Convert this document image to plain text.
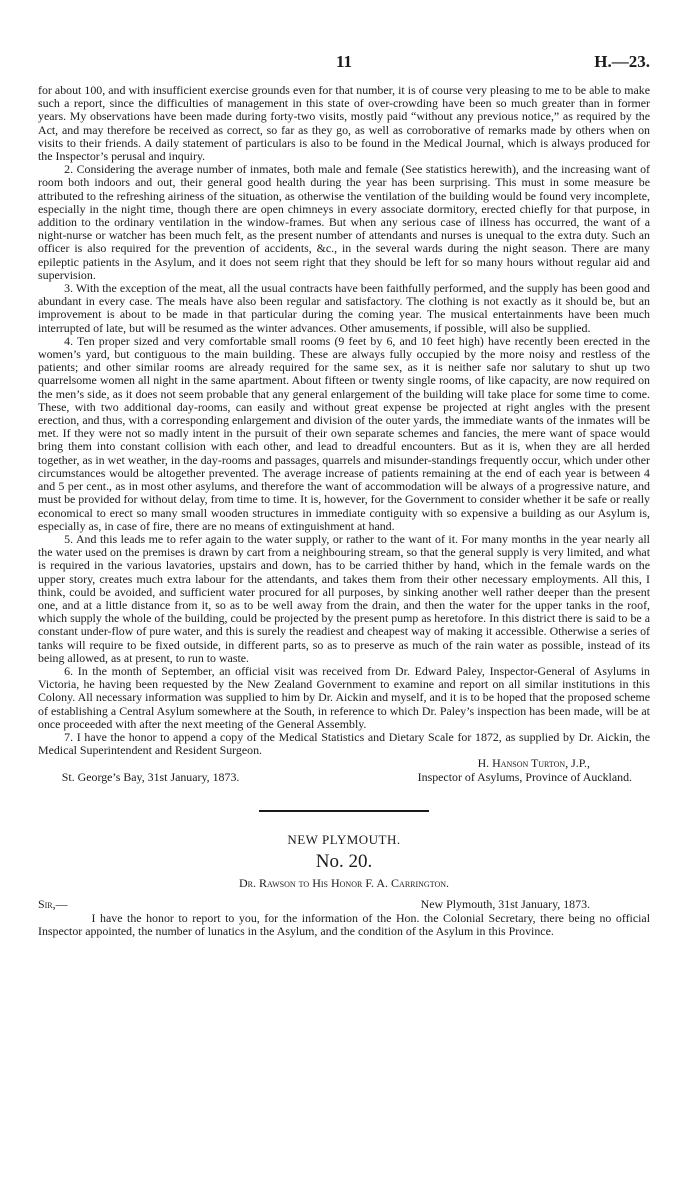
11	H.—23.

for about 100, and with insufficient exercise grounds even for that number, it is of course very pleasing to me to be able to make such a report, since the difficulties of management in this state of over-crowding have been so much greater than in former years. My observations have been made during forty-two visits, mostly paid “without any previous notice,” as required by the Act, and may therefore be received as correct, so far as they go, as well as corroborative of remarks made by others when on visits to their friends. A daily statement of particulars is also to be found in the Medical Journal, which is always produced for the Inspector’s perusal and inquiry.

2. Considering the average number of inmates, both male and female (See statistics herewith), and the increasing want of room both indoors and out, their general good health during the year has been surprising. This must in some measure be attributed to the refreshing airiness of the situation, as otherwise the ventilation of the building would be found very incomplete, especially in the night time, though there are open chimneys in every associate dormitory, erected chiefly for that purpose, in addition to the ordinary ventilation in the window-frames. But when any serious case of illness has occurred, the want of a night-nurse or watcher has been much felt, as the present number of attendants and nurses is unequal to the extra duty. Such an officer is also required for the prevention of accidents, &c., in the several wards during the night season. There are many epileptic patients in the Asylum, and it does not seem right that they should be left for so many hours without regular aid and supervision.

3. With the exception of the meat, all the usual contracts have been faithfully performed, and the supply has been good and abundant in every case. The meals have also been regular and satisfactory. The clothing is not exactly as it should be, but an improvement is about to be made in that particular during the coming year. The musical entertainments have been much interrupted of late, but will be resumed as the winter advances. Other amusements, if possible, will also be supplied.

4. Ten proper sized and very comfortable small rooms (9 feet by 6, and 10 feet high) have recently been erected in the women’s yard, but contiguous to the main building. These are always fully occupied by the more noisy and restless of the patients; and other similar rooms are already required for the same sex, as it is neither safe nor salutary to shut up two quarrelsome women all night in the same apartment. About fifteen or twenty single rooms, of like capacity, are now required on the men’s side, as it does not seem probable that any general enlargement of the building will take place for some time to come. These, with two additional day-rooms, can easily and without great expense be projected at right angles with the present erection, and thus, with a corresponding enlargement and division of the outer yards, the immediate wants of the inmates will be met. If they were not so madly intent in the pursuit of their own separate schemes and fancies, the mere want of space would bring them into constant collision with each other, and lead to dreadful encounters. But as it is, when they are all herded together, as in wet weather, in the day-rooms and passages, quarrels and misunder-standings frequently occur, which under other circumstances would be altogether prevented. The average increase of patients remaining at the end of each year is between 4 and 5 per cent., as in most other asylums, and therefore the want of accommodation will be always of a progressive nature, and must be provided for without delay, from time to time. It is, however, for the Government to consider whether it be safe or really economical to erect so many small wooden structures in immediate contiguity with so expensive a building as our Asylum is, especially as, in case of fire, there are no means of extinguishment at hand.

5. And this leads me to refer again to the water supply, or rather to the want of it. For many months in the year nearly all the water used on the premises is drawn by cart from a neighbouring stream, so that the general supply is very limited, and what is required in the various lavatories, upstairs and down, has to be carried thither by hand, which in the female wards on the upper story, creates much extra labour for the attendants, and takes them from their other necessary employments. All this, I think, could be avoided, and sufficient water procured for all purposes, by sinking another well rather deeper than the present one, and at a little distance from it, so as to be well away from the drain, and then the water for the upper tanks in the roof, which supply the whole of the building, could be projected by the present pump as heretofore. In this district there is said to be a constant under-flow of pure water, and this is surely the readiest and cheapest way of making it accessible. Otherwise a series of tanks will require to be fixed outside, in different parts, so as to preserve as much of the rain water as possible, instead of its being allowed, as at present, to run to waste.

6. In the month of September, an official visit was received from Dr. Edward Paley, Inspector-General of Asylums in Victoria, he having been requested by the New Zealand Government to examine and report on all similar institutions in this Colony. All necessary information was supplied to him by Dr. Aickin and myself, and it is to be hoped that the proposed scheme of establishing a Central Asylum somewhere at the South, in reference to which Dr. Paley’s inspection has been made, will be at once proceeded with after the next meeting of the General Assembly.

7. I have the honor to append a copy of the Medical Statistics and Dietary Scale for 1872, as supplied by Dr. Aickin, the Medical Superintendent and Resident Surgeon.

H. Hanson Turton, J.P.,
St. George’s Bay, 31st January, 1873.	Inspector of Asylums, Province of Auckland.
NEW PLYMOUTH.
No. 20.
Dr. Rawson to His Honor F. A. Carrington.
Sir,—	New Plymouth, 31st January, 1873.

I have the honor to report to you, for the information of the Hon. the Colonial Secretary, there being no official Inspector appointed, the number of lunatics in the Asylum, and the condition of the Asylum in this Province.
